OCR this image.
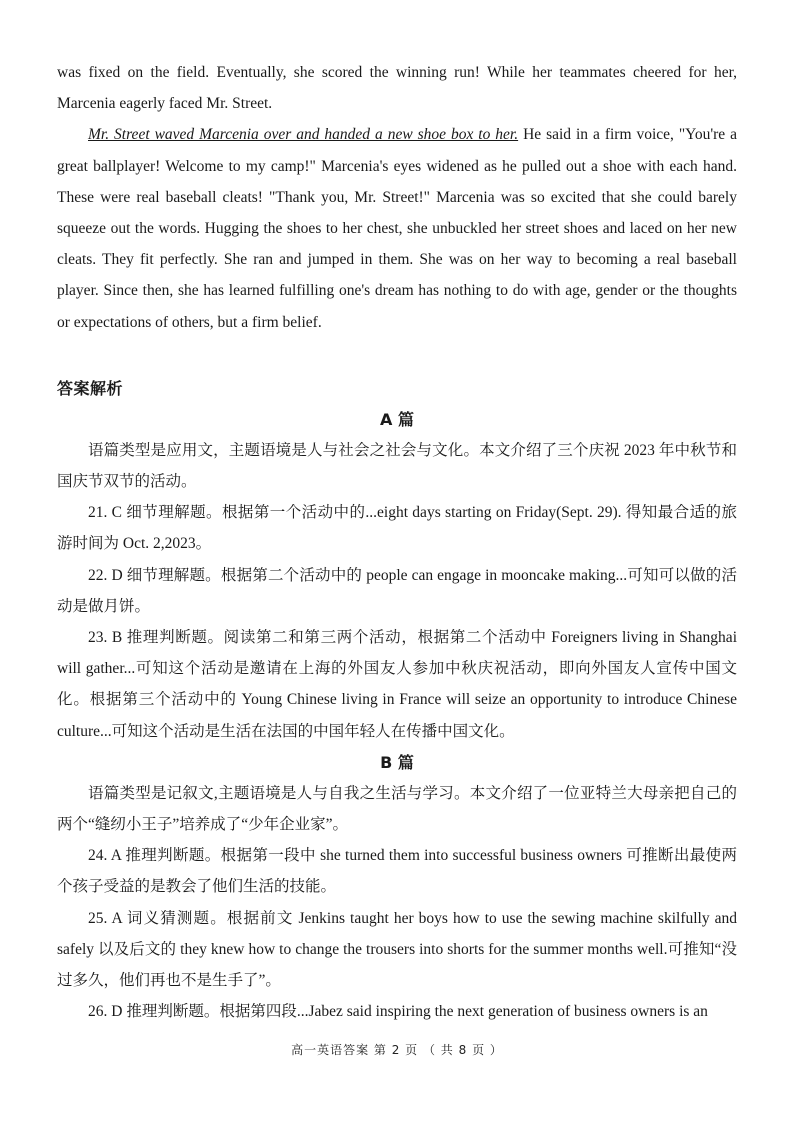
was fixed on the field. Eventually, she scored the winning run! While her teammates cheered for her, Marcenia eagerly faced Mr. Street.

Mr. Street waved Marcenia over and handed a new shoe box to her. He said in a firm voice, "You're a great ballplayer! Welcome to my camp!" Marcenia's eyes widened as he pulled out a shoe with each hand. These were real baseball cleats! "Thank you, Mr. Street!" Marcenia was so excited that she could barely squeeze out the words. Hugging the shoes to her chest, she unbuckled her street shoes and laced on her new cleats. They fit perfectly. She ran and jumped in them. She was on her way to becoming a real baseball player. Since then, she has learned fulfilling one's dream has nothing to do with age, gender or the thoughts or expectations of others, but a firm belief.

答案解析

A 篇

语篇类型是应用文，主题语境是人与社会之社会与文化。本文介绍了三个庆祝 2023 年中秋节和国庆节双节的活动。

21. C 细节理解题。根据第一个活动中的...eight days starting on Friday(Sept. 29). 得知最合适的旅游时间为 Oct. 2,2023。

22. D 细节理解题。根据第二个活动中的 people can engage in mooncake making...可知可以做的活动是做月饼。

23. B 推理判断题。阅读第二和第三两个活动，根据第二个活动中 Foreigners living in Shanghai will gather...可知这个活动是邀请在上海的外国友人参加中秋庆祝活动，即向外国友人宣传中国文化。根据第三个活动中的 Young Chinese living in France will seize an opportunity to introduce Chinese culture...可知这个活动是生活在法国的中国年轻人在传播中国文化。

B 篇

语篇类型是记叙文,主题语境是人与自我之生活与学习。本文介绍了一位亚特兰大母亲把自己的两个“缝纫小王子”培养成了“少年企业家”。

24. A 推理判断题。根据第一段中 she turned them into successful business owners 可推断出最使两个孩子受益的是教会了他们生活的技能。

25. A 词义猜测题。根据前文 Jenkins taught her boys how to use the sewing machine skilfully and safely 以及后文的 they knew how to change the trousers into shorts for the summer months well.可推知“没过多久，他们再也不是生手了”。

26. D 推理判断题。根据第四段...Jabez said inspiring the next generation of business owners is an

高一英语答案 第 2 页 （ 共 8 页 ）
